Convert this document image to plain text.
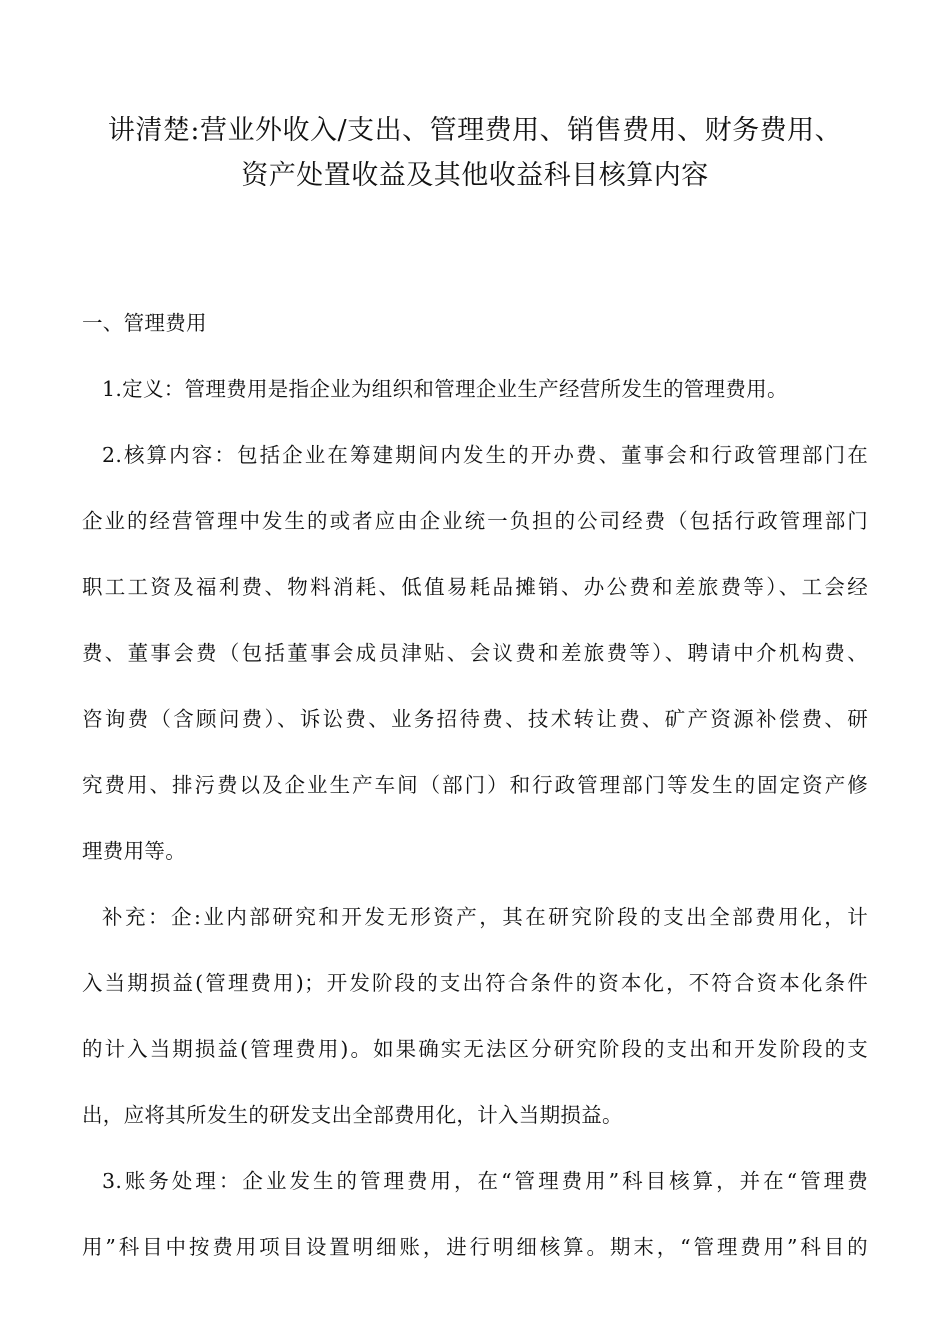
讲清楚:营业外收入/支出、管理费用、销售费用、财务费用、
资产处置收益及其他收益科目核算内容
一、管理费用
1.定义：管理费用是指企业为组织和管理企业生产经营所发生的管理费用。
2.核算内容：包括企业在筹建期间内发生的开办费、董事会和行政管理部门在
企业的经营管理中发生的或者应由企业统一负担的公司经费（包括行政管理部门
职工工资及福利费、物料消耗、低值易耗品摊销、办公费和差旅费等）、工会经
费、董事会费（包括董事会成员津贴、会议费和差旅费等）、聘请中介机构费、
咨询费（含顾问费）、诉讼费、业务招待费、技术转让费、矿产资源补偿费、研
究费用、排污费以及企业生产车间（部门）和行政管理部门等发生的固定资产修
理费用等。
补充：企:业内部研究和开发无形资产，其在研究阶段的支出全部费用化，计
入当期损益(管理费用)；开发阶段的支出符合条件的资本化，不符合资本化条件
的计入当期损益(管理费用)。如果确实无法区分研究阶段的支出和开发阶段的支
出，应将其所发生的研发支出全部费用化，计入当期损益。
3.账务处理：企业发生的管理费用，在“管理费用”科目核算，并在“管理费
用”科目中按费用项目设置明细账，进行明细核算。期末，“管理费用”科目的
